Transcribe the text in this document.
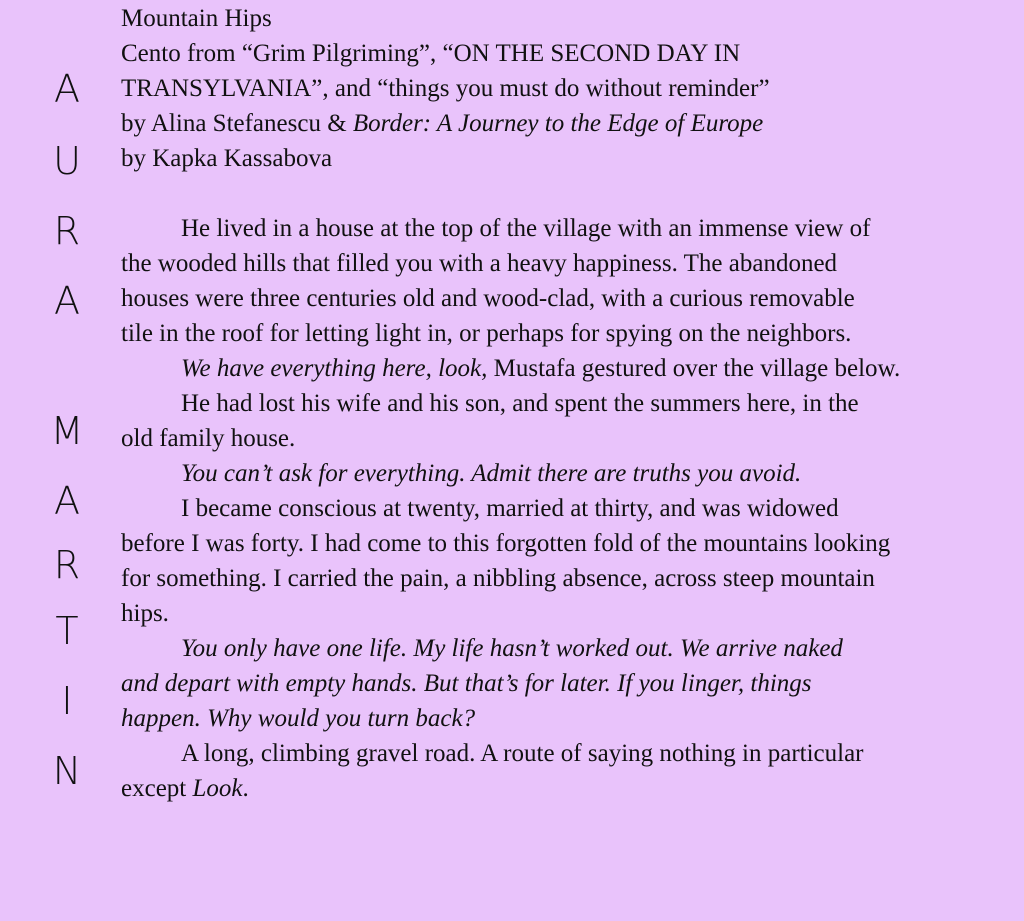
A
U
R
A
M
A
R
T
I
N

Mountain Hips

Cento from “Grim Pilgriming”, “ON THE SECOND DAY IN

TRANSYLVANIA”, and “things you must do without reminder”

by Alina Stefanescu & Border: A Journey to the Edge of Europe

by Kapka Kassabova

He lived in a house at the top of the village with an immense view of the wooded hills that filled you with a heavy happiness. The abandoned houses were three centuries old and wood-clad, with a curious removable tile in the roof for letting light in, or perhaps for spying on the neighbors.

We have everything here, look, Mustafa gestured over the village below.

He had lost his wife and his son, and spent the summers here, in the old family house.

You can’t ask for everything. Admit there are truths you avoid.

I became conscious at twenty, married at thirty, and was widowed before I was forty. I had come to this forgotten fold of the mountains looking for something. I carried the pain, a nibbling absence, across steep mountain hips.

You only have one life. My life hasn’t worked out. We arrive naked and depart with empty hands. But that’s for later. If you linger, things happen. Why would you turn back?

A long, climbing gravel road. A route of saying nothing in particular except Look.
